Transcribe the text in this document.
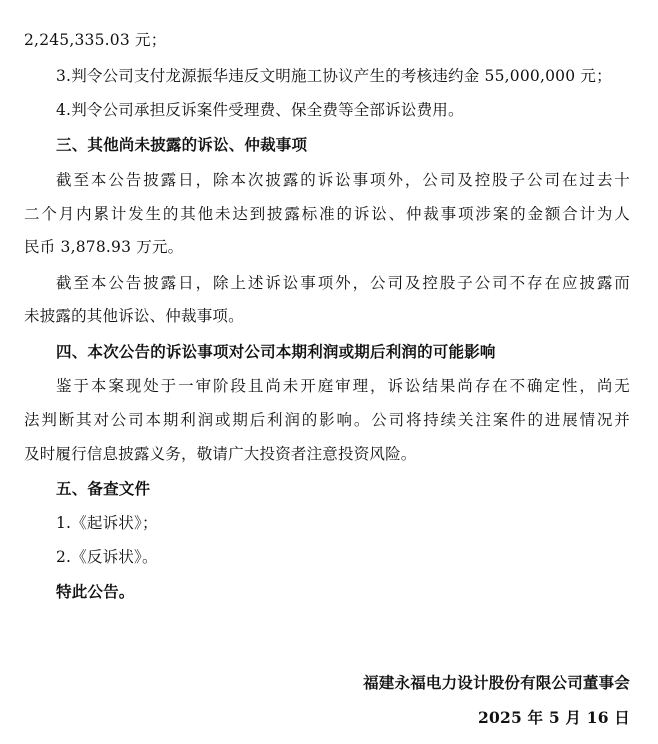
2,245,335.03 元；
3.判令公司支付龙源振华违反文明施工协议产生的考核违约金 55,000,000 元；
4.判令公司承担反诉案件受理费、保全费等全部诉讼费用。
三、其他尚未披露的诉讼、仲裁事项
截至本公告披露日，除本次披露的诉讼事项外，公司及控股子公司在过去十
二个月内累计发生的其他未达到披露标准的诉讼、仲裁事项涉案的金额合计为人
民币 3,878.93 万元。
截至本公告披露日，除上述诉讼事项外，公司及控股子公司不存在应披露而
未披露的其他诉讼、仲裁事项。
四、本次公告的诉讼事项对公司本期利润或期后利润的可能影响
鉴于本案现处于一审阶段且尚未开庭审理，诉讼结果尚存在不确定性，尚无
法判断其对公司本期利润或期后利润的影响。公司将持续关注案件的进展情况并
及时履行信息披露义务，敬请广大投资者注意投资风险。
五、备查文件
1.《起诉状》；
2.《反诉状》。
特此公告。
福建永福电力设计股份有限公司董事会
2025 年 5 月 16 日
